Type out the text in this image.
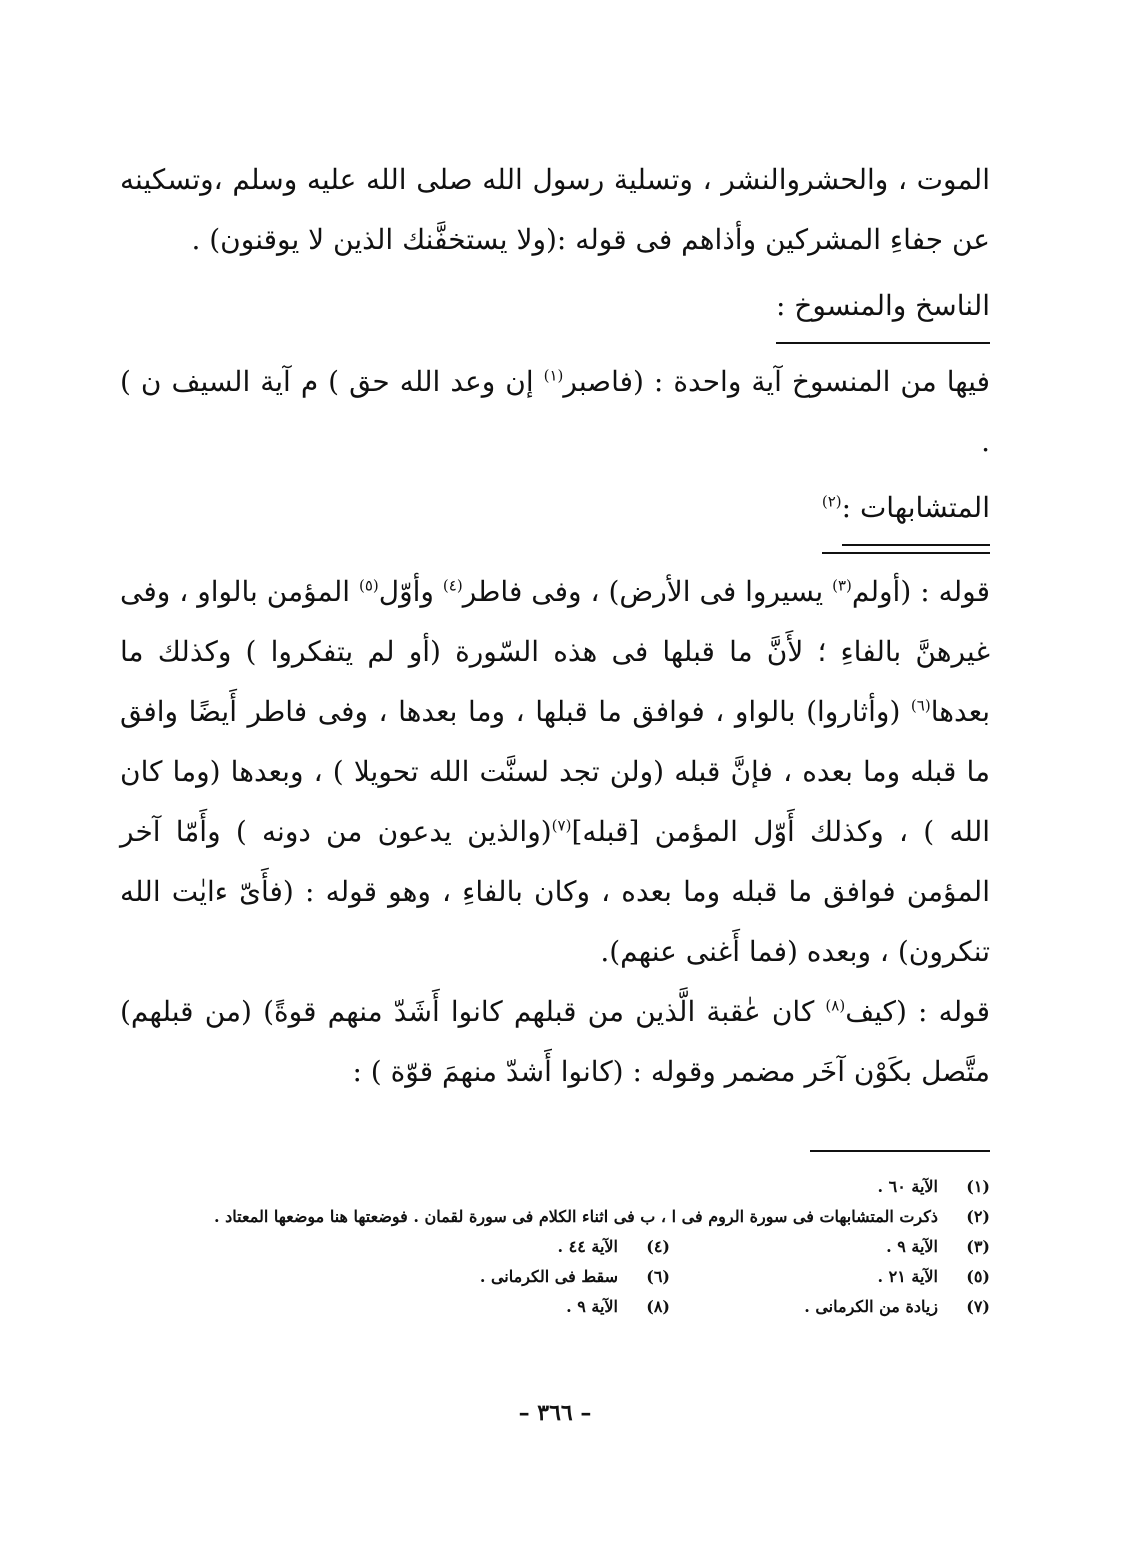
الموت ، والحشروالنشر ، وتسلية رسول الله صلى الله عليه وسلم ،وتسكينه عن جفاءِ المشركين وأذاهم فى قوله :(ولا يستخفَّنك الذين لا يوقنون) .

الناسخ والمنسوخ :

فيها من المنسوخ آية واحدة : (فاصبر$^{(١)}$ إن وعد الله حق ) م آية السيف ن ) .

المتشابهات :$^{(٢)}$

قوله : (أولم$^{(٣)}$ يسيروا فى الأرض) ، وفى فاطر$^{(٤)}$ وأوّل$^{(٥)}$ المؤمن بالواو ، وفى غيرهنَّ بالفاءِ ؛ لأَنَّ ما قبلها فى هذه السّورة (أو لم يتفكروا ) وكذلك ما بعدها$^{(٦)}$ (وأثاروا) بالواو ، فوافق ما قبلها ، وما بعدها ، وفى فاطر أَيضًا وافق ما قبله وما بعده ، فإنَّ قبله (ولن تجد لسنَّت الله تحويلا ) ، وبعدها (وما كان الله ) ، وكذلك أَوّل المؤمن [قبله]$^{(٧)}$(والذين يدعون من دونه ) وأَمّا آخر المؤمن فوافق ما قبله وما بعده ، وكان بالفاءِ ، وهو قوله : (فأَىّ ءايٰت الله تنكرون) ، وبعده (فما أَغنى عنهم).

قوله : (كيف$^{(٨)}$ كان عٰقبة الَّذين من قبلهم كانوا أَشَدّ منهم قوةً) (من قبلهم) متَّصل بكَوْن آخَر مضمر وقوله : (كانوا أَشدّ منهمَ قوّة ) :

(١)الآية ٦٠ .

(٢)ذكرت المتشابهات فى سورة الروم فى ا ، ب فى اثناء الكلام فى سورة لقمان . فوضعتها هنا موضعها المعتاد .

(٣)الآية ٩ .
(٤)الآية ٤٤ .
(٥)الآية ٢١ .
(٦)سقط فى الكرمانى .
(٧)زيادة من الكرمانى .
(٨)الآية ٩ .
– ٣٦٦ –
